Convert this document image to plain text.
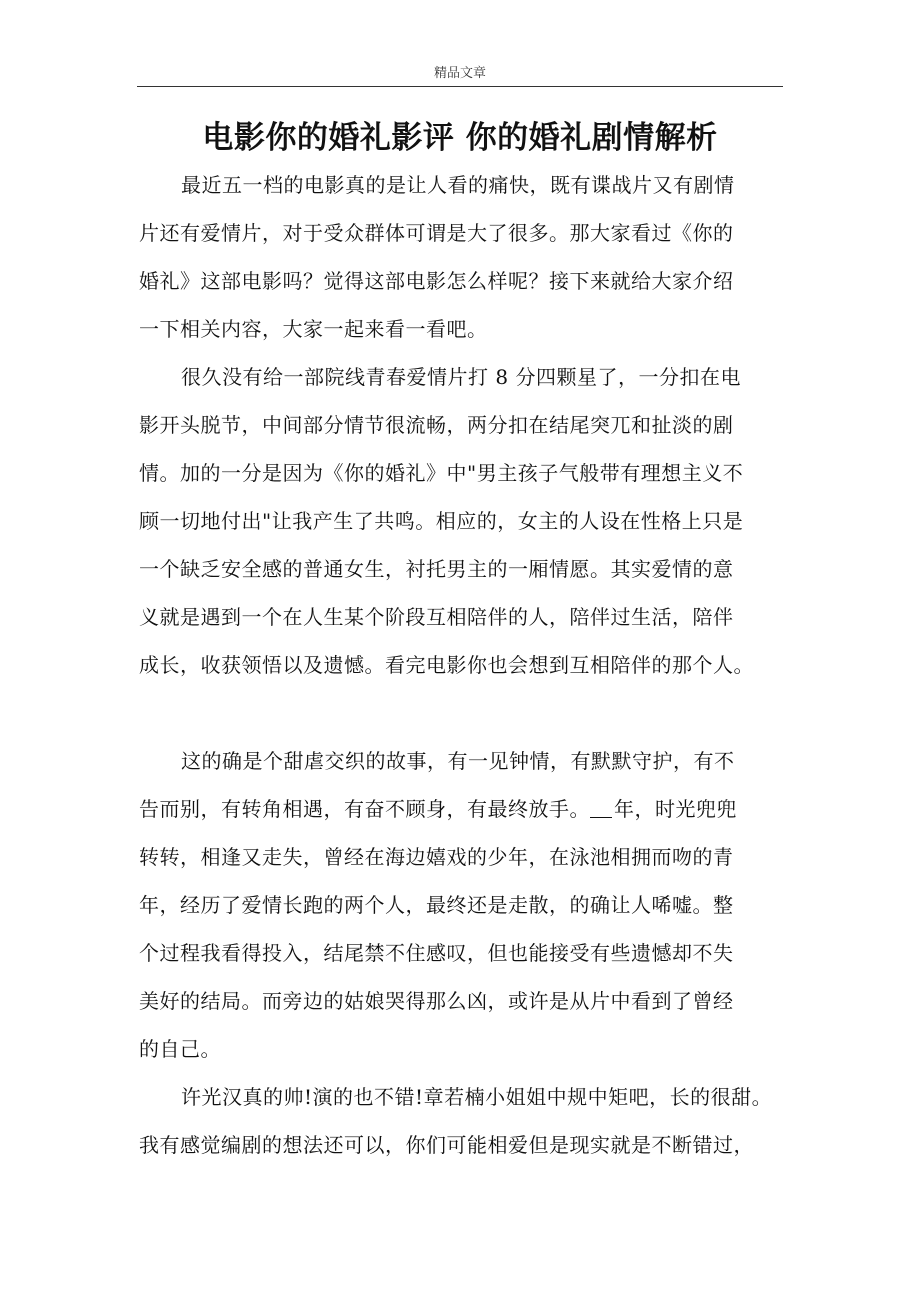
精品文章
电影你的婚礼影评 你的婚礼剧情解析
最近五一档的电影真的是让人看的痛快，既有谍战片又有剧情
片还有爱情片，对于受众群体可谓是大了很多。那大家看过《你的
婚礼》这部电影吗？觉得这部电影怎么样呢？接下来就给大家介绍
一下相关内容，大家一起来看一看吧。
很久没有给一部院线青春爱情片打 8 分四颗星了，一分扣在电
影开头脱节，中间部分情节很流畅，两分扣在结尾突兀和扯淡的剧
情。加的一分是因为《你的婚礼》中"男主孩子气般带有理想主义不
顾一切地付出"让我产生了共鸣。相应的，女主的人设在性格上只是
一个缺乏安全感的普通女生，衬托男主的一厢情愿。其实爱情的意
义就是遇到一个在人生某个阶段互相陪伴的人，陪伴过生活，陪伴
成长，收获领悟以及遗憾。看完电影你也会想到互相陪伴的那个人。
这的确是个甜虐交织的故事，有一见钟情，有默默守护，有不
告而别，有转角相遇，有奋不顾身，有最终放手。 年，时光兜兜
转转，相逢又走失，曾经在海边嬉戏的少年，在泳池相拥而吻的青
年，经历了爱情长跑的两个人，最终还是走散，的确让人唏嘘。整
个过程我看得投入，结尾禁不住感叹，但也能接受有些遗憾却不失
美好的结局。而旁边的姑娘哭得那么凶，或许是从片中看到了曾经
的自己。
许光汉真的帅!演的也不错!章若楠小姐姐中规中矩吧，长的很甜。
我有感觉编剧的想法还可以，你们可能相爱但是现实就是不断错过，
